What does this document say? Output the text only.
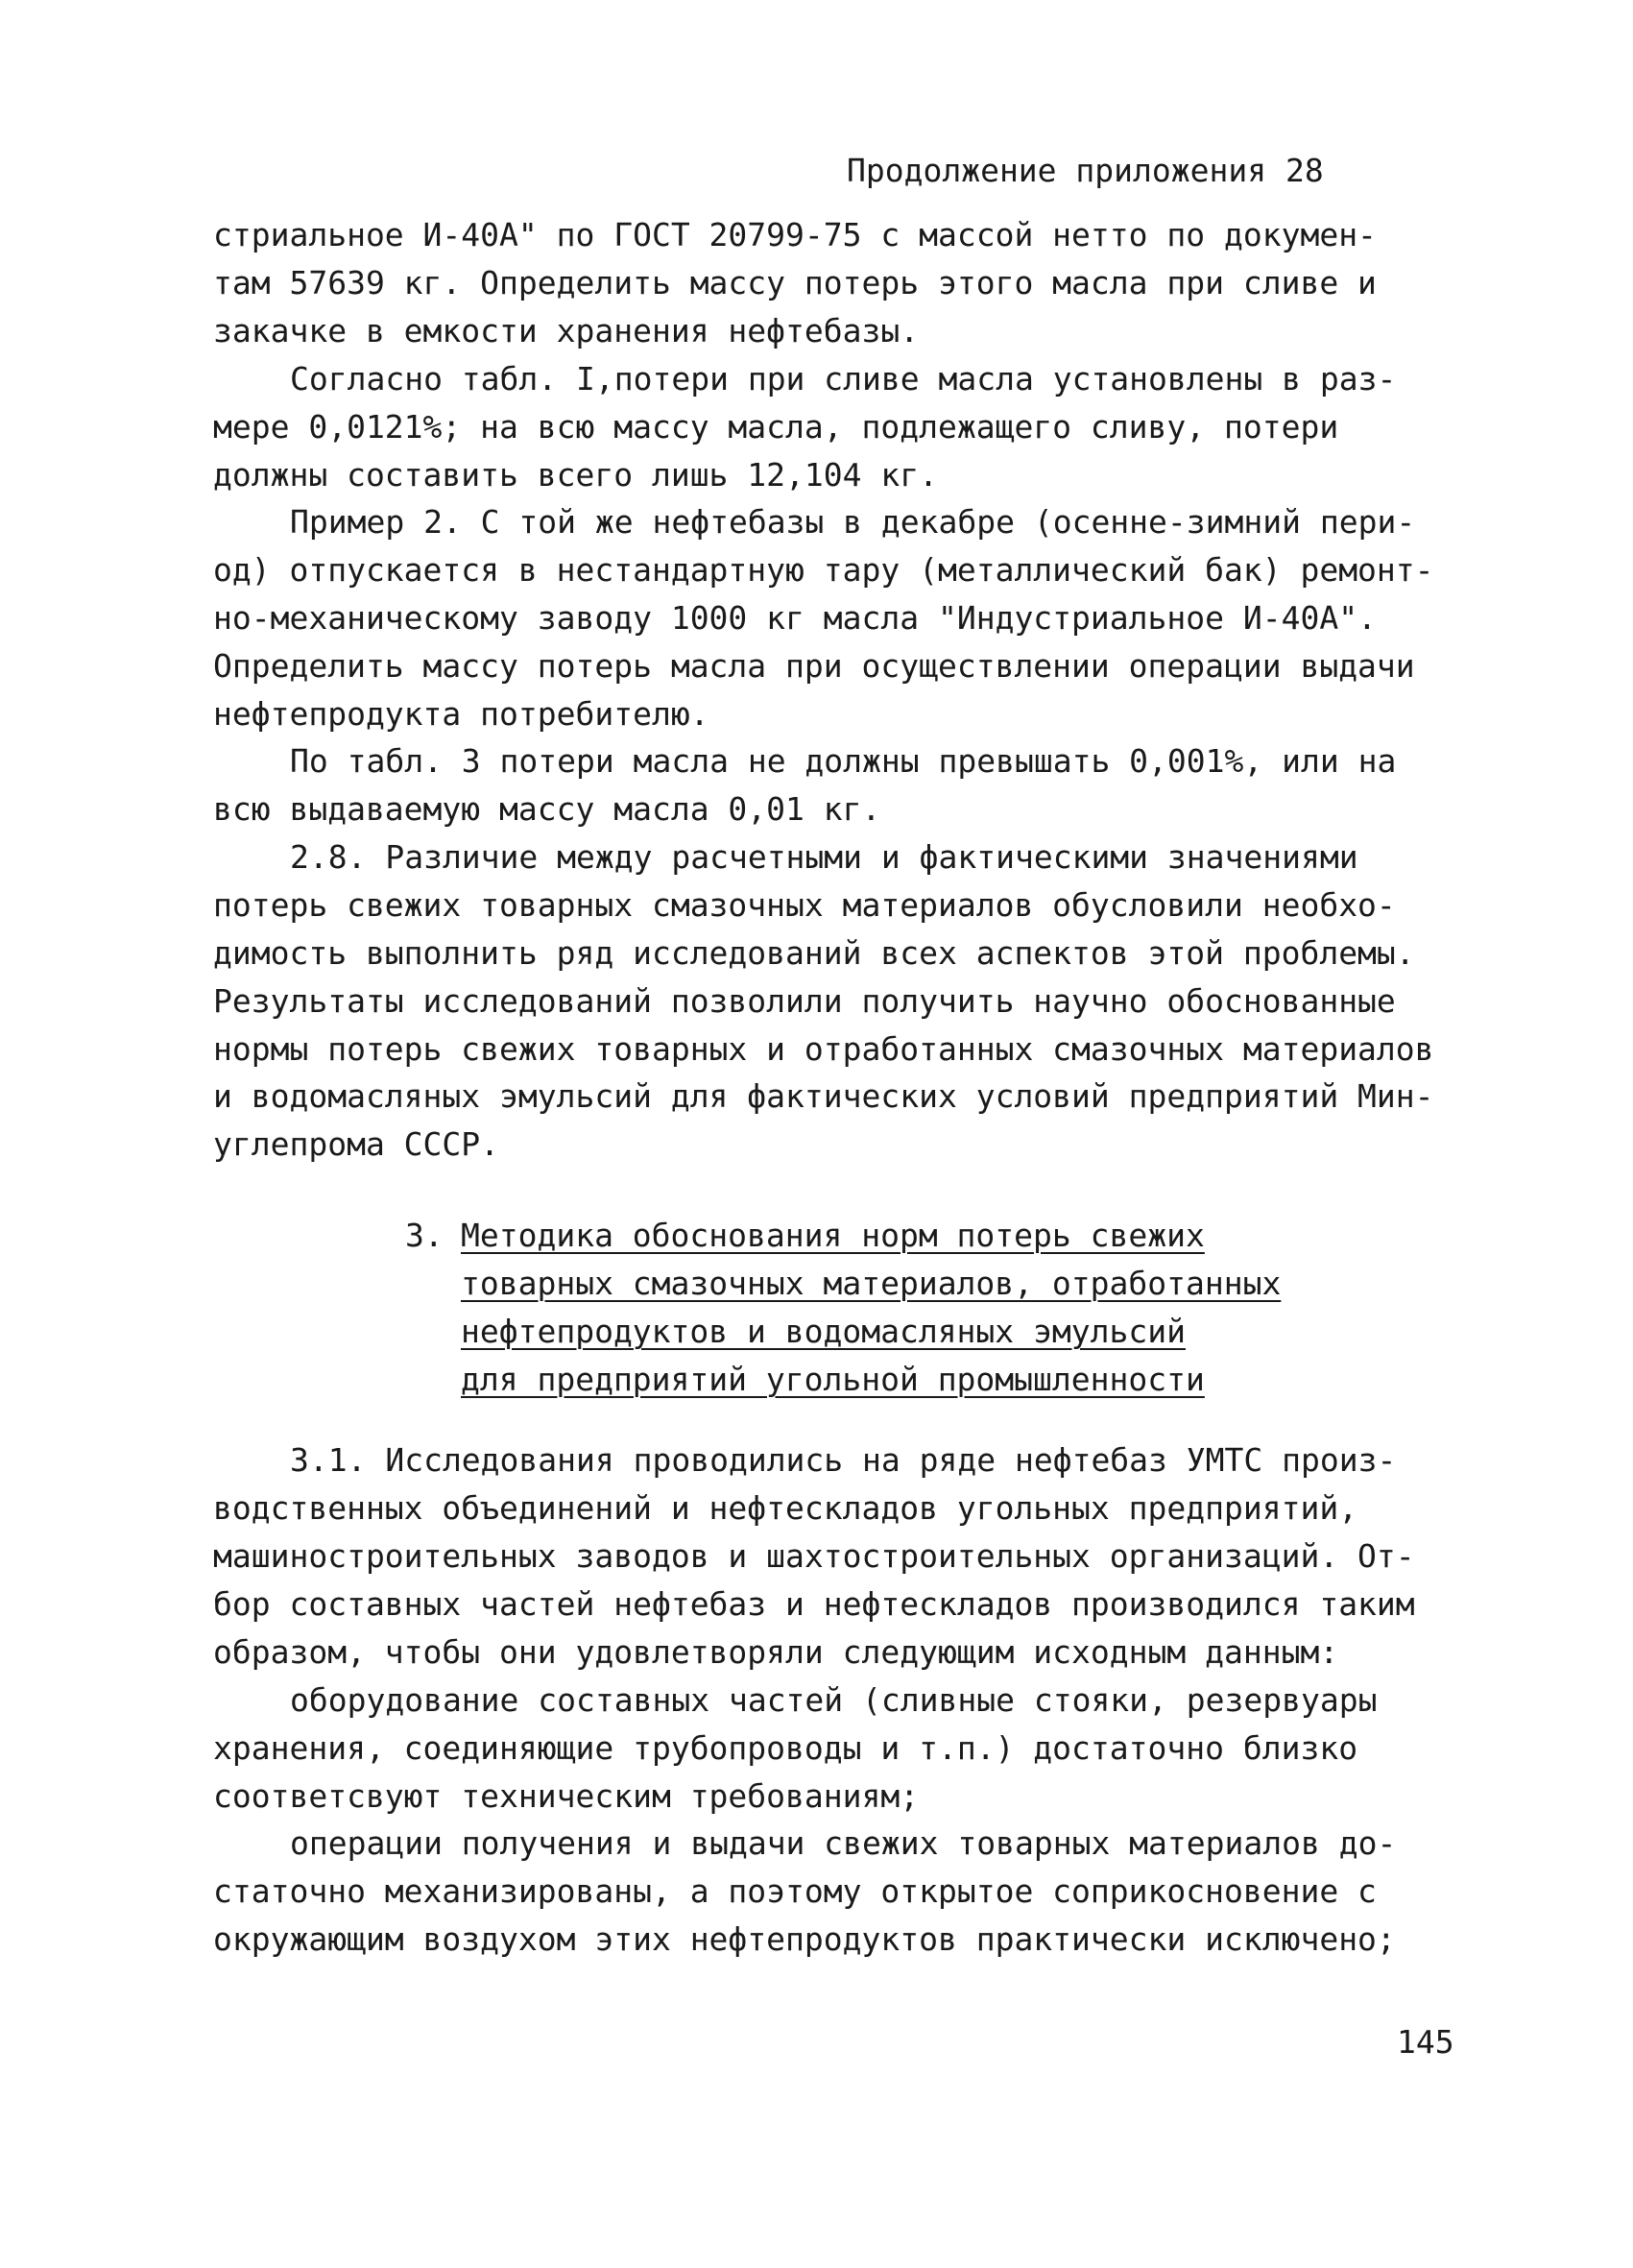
Продолжение приложения 28
стриальное И-40А" по ГОСТ 20799-75 с массой нетто по докумен-
там 57639 кг. Определить массу потерь этого масла при сливе и
закачке в емкости хранения нефтебазы.
Согласно табл. I,потери при сливе масла установлены в раз-
мере 0,0121%; на всю массу масла, подлежащего сливу, потери
должны составить всего лишь 12,104 кг.
Пример 2. С той же нефтебазы в декабре (осенне-зимний пери-
од) отпускается в нестандартную тару (металлический бак) ремонт-
но-механическому заводу 1000 кг масла "Индустриальное И-40А".
Определить массу потерь масла при осуществлении операции выдачи
нефтепродукта потребителю.
По табл. 3 потери масла не должны превышать 0,001%, или на
всю выдаваемую массу масла 0,01 кг.
2.8. Различие между расчетными и фактическими значениями
потерь свежих товарных смазочных материалов обусловили необхо-
димость выполнить ряд исследований всех аспектов этой проблемы.
Результаты исследований позволили получить научно обоснованные
нормы потерь свежих товарных и отработанных смазочных материалов
и водомасляных эмульсий для фактических условий предприятий Мин-
углепрома СССР.
3. Методика обоснования норм потерь свежих
товарных смазочных материалов, отработанных
нефтепродуктов и водомасляных эмульсий
для предприятий угольной промышленности
3.1. Исследования проводились на ряде нефтебаз УМТС произ-
водственных объединений и нефтескладов угольных предприятий,
машиностроительных заводов и шахтостроительных организаций. От-
бор составных частей нефтебаз и нефтескладов производился таким
образом, чтобы они удовлетворяли следующим исходным данным:
оборудование составных частей (сливные стояки, резервуары
хранения, соединяющие трубопроводы и т.п.) достаточно близко
соответсвуют техническим требованиям;
операции получения и выдачи свежих товарных материалов до-
статочно механизированы, а поэтому открытое соприкосновение с
окружающим воздухом этих нефтепродуктов практически исключено;
145
